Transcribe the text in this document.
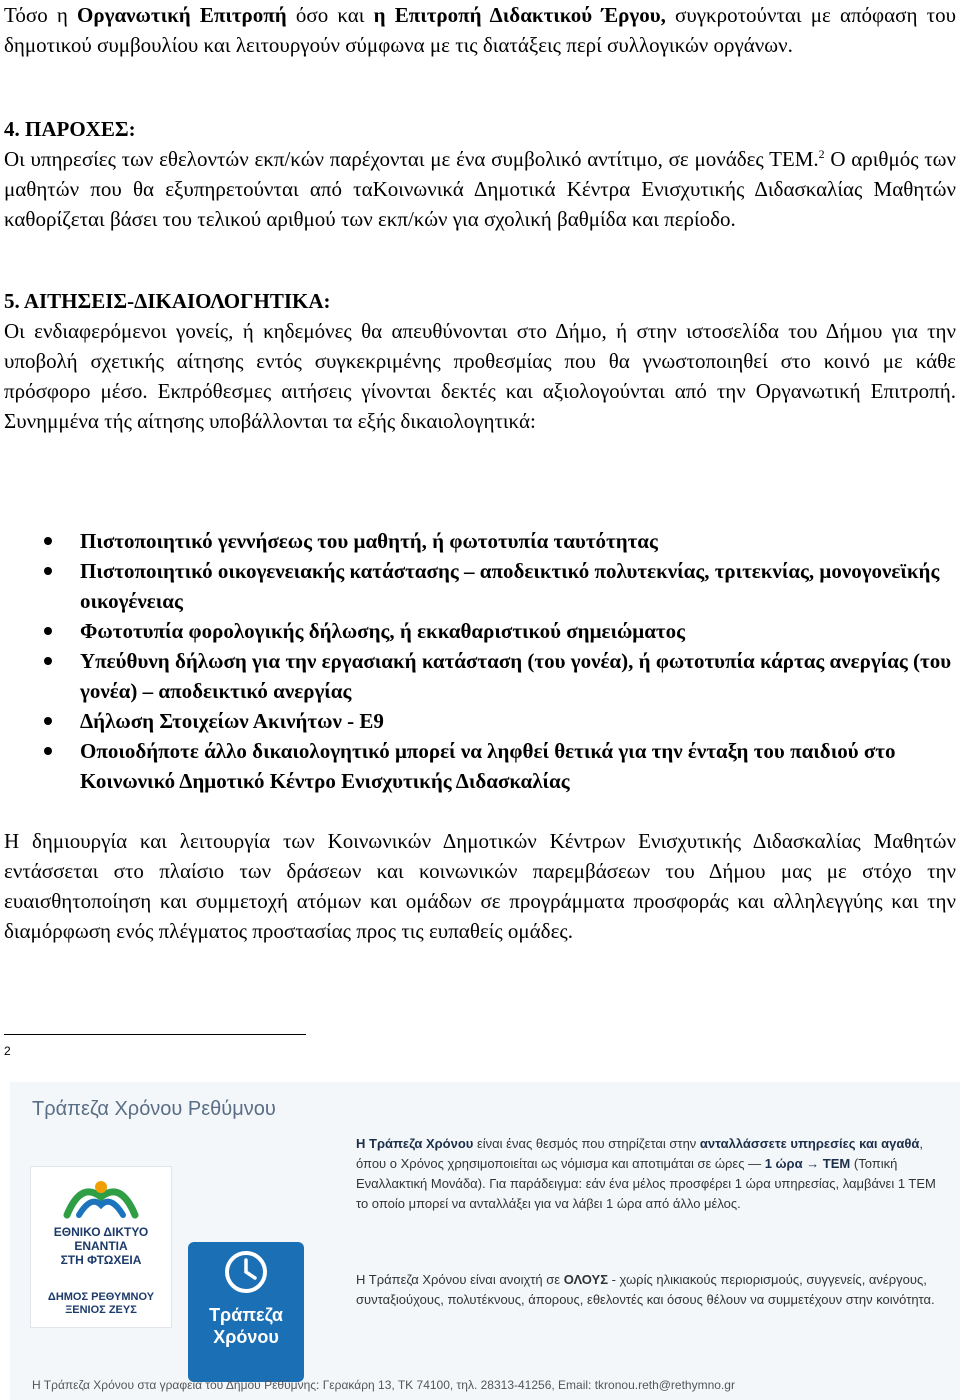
Τόσο η Οργανωτική Επιτροπή όσο και η Επιτροπή Διδακτικού Έργου, συγκροτούνται με απόφαση του δημοτικού συμβουλίου και λειτουργούν σύμφωνα με τις διατάξεις περί συλλογικών οργάνων.

4. ΠΑΡΟΧΕΣ:

Οι υπηρεσίες των εθελοντών εκπ/κών παρέχονται με ένα συμβολικό αντίτιμο, σε μονάδες ΤΕΜ.$^2$ Ο αριθμός των μαθητών που θα εξυπηρετούνται από ταΚοινωνικά Δημοτικά Κέντρα Ενισχυτικής Διδασκαλίας Μαθητών καθορίζεται βάσει του τελικού αριθμού των εκπ/κών για σχολική βαθμίδα και περίοδο.

5. ΑΙΤΗΣΕΙΣ-ΔΙΚΑΙΟΛΟΓΗΤΙΚΑ:

Οι ενδιαφερόμενοι γονείς, ή κηδεμόνες θα απευθύνονται στο Δήμο, ή στην ιστοσελίδα του Δήμου για την υποβολή σχετικής αίτησης εντός συγκεκριμένης προθεσμίας που θα γνωστοποιηθεί στο κοινό με κάθε πρόσφορο μέσο. Εκπρόθεσμες αιτήσεις γίνονται δεκτές και αξιολογούνται από την Οργανωτική Επιτροπή. Συνημμένα τής αίτησης υποβάλλονται τα εξής δικαιολογητικά:

Πιστοποιητικό γεννήσεως του μαθητή, ή φωτοτυπία ταυτότητας
Πιστοποιητικό οικογενειακής κατάστασης – αποδεικτικό πολυτεκνίας, τριτεκνίας, μονογονεϊκής οικογένειας
Φωτοτυπία φορολογικής δήλωσης, ή εκκαθαριστικού σημειώματος
Υπεύθυνη δήλωση για την εργασιακή κατάσταση (του γονέα), ή φωτοτυπία κάρτας ανεργίας (του γονέα) – αποδεικτικό ανεργίας
Δήλωση Στοιχείων Ακινήτων - Ε9
Οποιοδήποτε άλλο δικαιολογητικό μπορεί να ληφθεί θετικά για την ένταξη του παιδιού στο Κοινωνικό Δημοτικό Κέντρο Ενισχυτικής Διδασκαλίας

Η δημιουργία και λειτουργία των Κοινωνικών Δημοτικών Κέντρων Ενισχυτικής Διδασκαλίας Μαθητών εντάσσεται στο πλαίσιο των δράσεων και κοινωνικών παρεμβάσεων του Δήμου μας με στόχο την ευαισθητοποίηση και συμμετοχή ατόμων και ομάδων σε προγράμματα προσφοράς και αλληλεγγύης και την διαμόρφωση ενός πλέγματος προστασίας προς τις ευπαθείς ομάδες.

2
Τράπεζα Χρόνου Ρεθύμνου
ΕΘΝΙΚΟ ΔΙΚΤΥΟ
ΕΝΑΝΤΙΑ
ΣΤΗ ΦΤΩΧΕΙΑ
ΔΗΜΟΣ ΡΕΘΥΜΝΟΥ
ΞΕΝΙΟΣ ΖΕΥΣ	Τράπεζα
Χρόνου
Η Τράπεζα Χρόνου είναι ένας θεσμός που στηρίζεται στην ανταλλάσσετε υπηρεσίες και αγαθά, όπου ο Χρόνος χρησιμοποιείται ως νόμισμα και αποτιμάται σε ώρες — 1 ώρα → ΤΕΜ (Τοπική Εναλλακτική Μονάδα). Για παράδειγμα: εάν ένα μέλος προσφέρει 1 ώρα υπηρεσίας, λαμβάνει 1 ΤΕΜ το οποίο μπορεί να ανταλλάξει για να λάβει 1 ώρα από άλλο μέλος.
Η Τράπεζα Χρόνου είναι ανοιχτή σε ΟΛΟΥΣ - χωρίς ηλικιακούς περιορισμούς, συγγενείς, ανέργους, συνταξιούχους, πολυτέκνους, άπορους, εθελοντές και όσους θέλουν να συμμετέχουν στην κοινότητα.
Η Τράπεζα Χρόνου στα γραφεία του Δήμου Ρεθύμνης: Γερακάρη 13, ΤΚ 74100, τηλ. 28313-41256, Email: tkronou.reth@rethymno.gr
